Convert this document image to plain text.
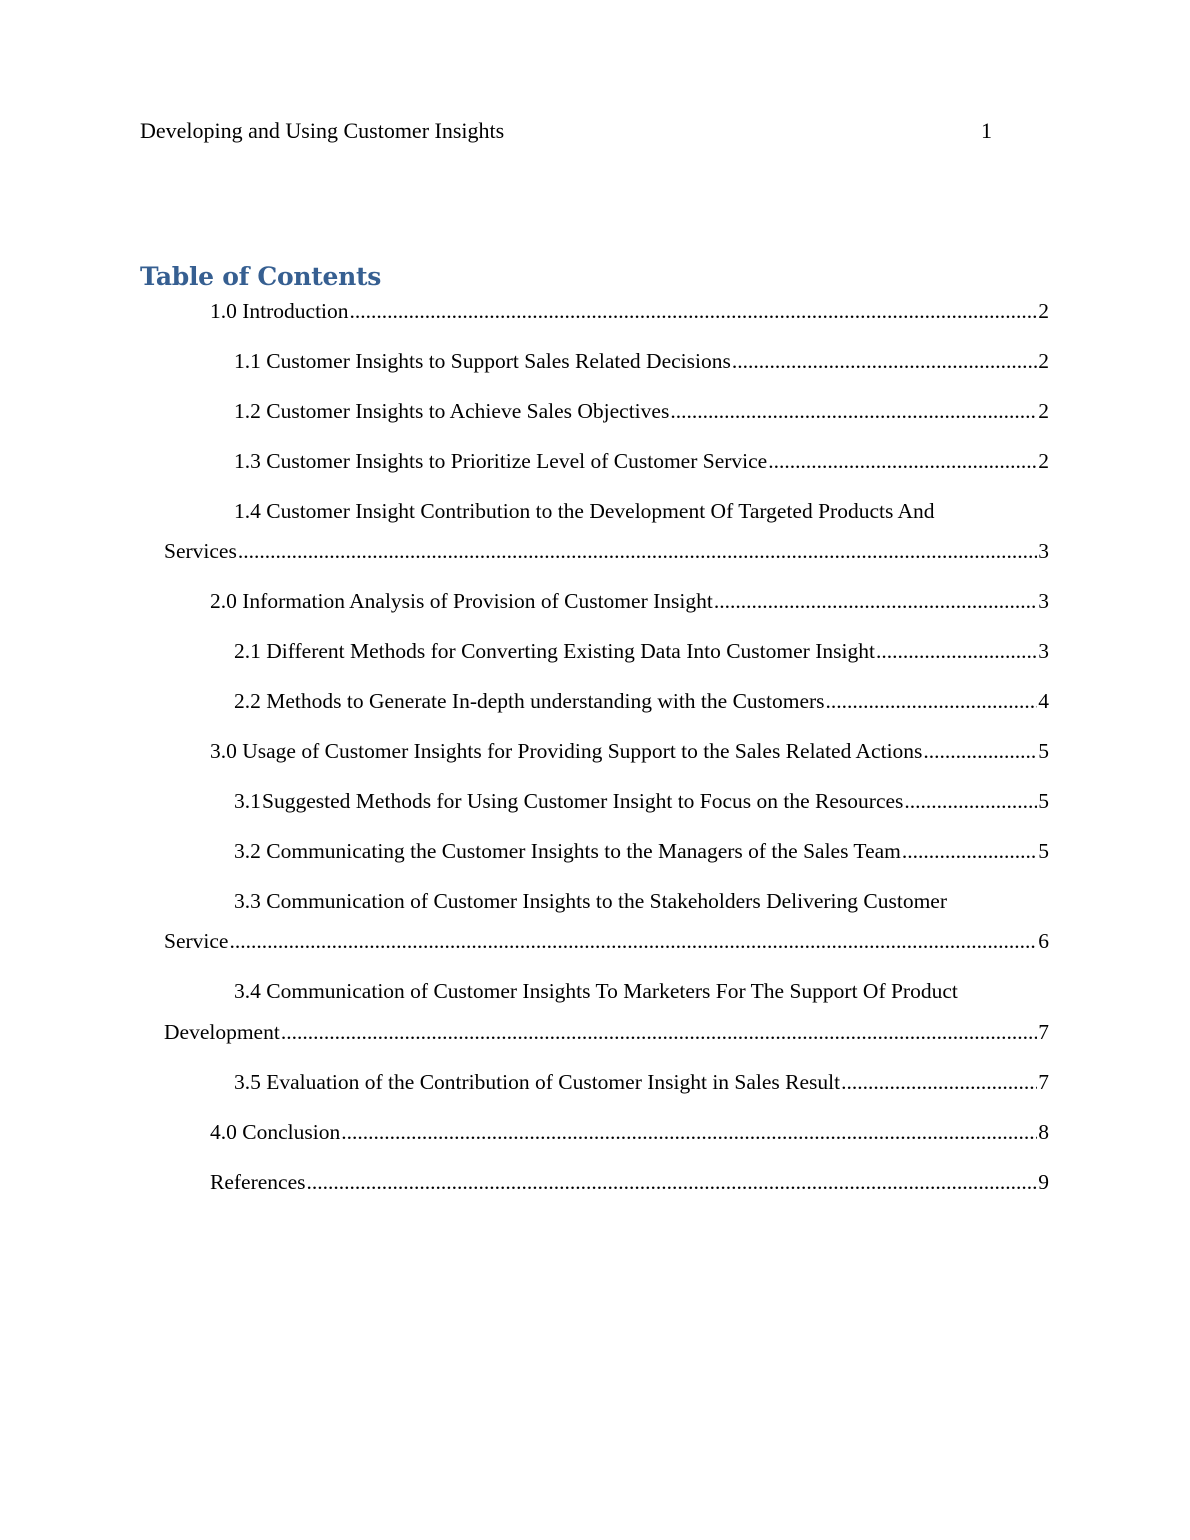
Developing and Using Customer Insights	1
Table of Contents
1.0 Introduction .....	2
1.1 Customer Insights to Support Sales Related Decisions .....	2
1.2 Customer Insights to Achieve Sales Objectives .....	2
1.3 Customer Insights to Prioritize Level of Customer Service .....	2
1.4 Customer Insight Contribution to the Development Of Targeted Products And
Services .....	3
2.0 Information Analysis of Provision of Customer Insight .....	3
2.1 Different Methods for Converting Existing Data Into Customer Insight .....	3
2.2 Methods to Generate In-depth understanding with the Customers .....	4
3.0 Usage of Customer Insights for Providing Support to the Sales Related Actions .....	5
3.1 Suggested Methods for Using Customer Insight to Focus on the Resources .....	5
3.2 Communicating the Customer Insights to the Managers of the Sales Team .....	5
3.3 Communication of Customer Insights to the Stakeholders Delivering Customer
Service .....	6
3.4 Communication of Customer Insights To Marketers For The Support Of Product
Development .....	7
3.5 Evaluation of the Contribution of Customer Insight in Sales Result .....	7
4.0 Conclusion .....	8
References .....	9
